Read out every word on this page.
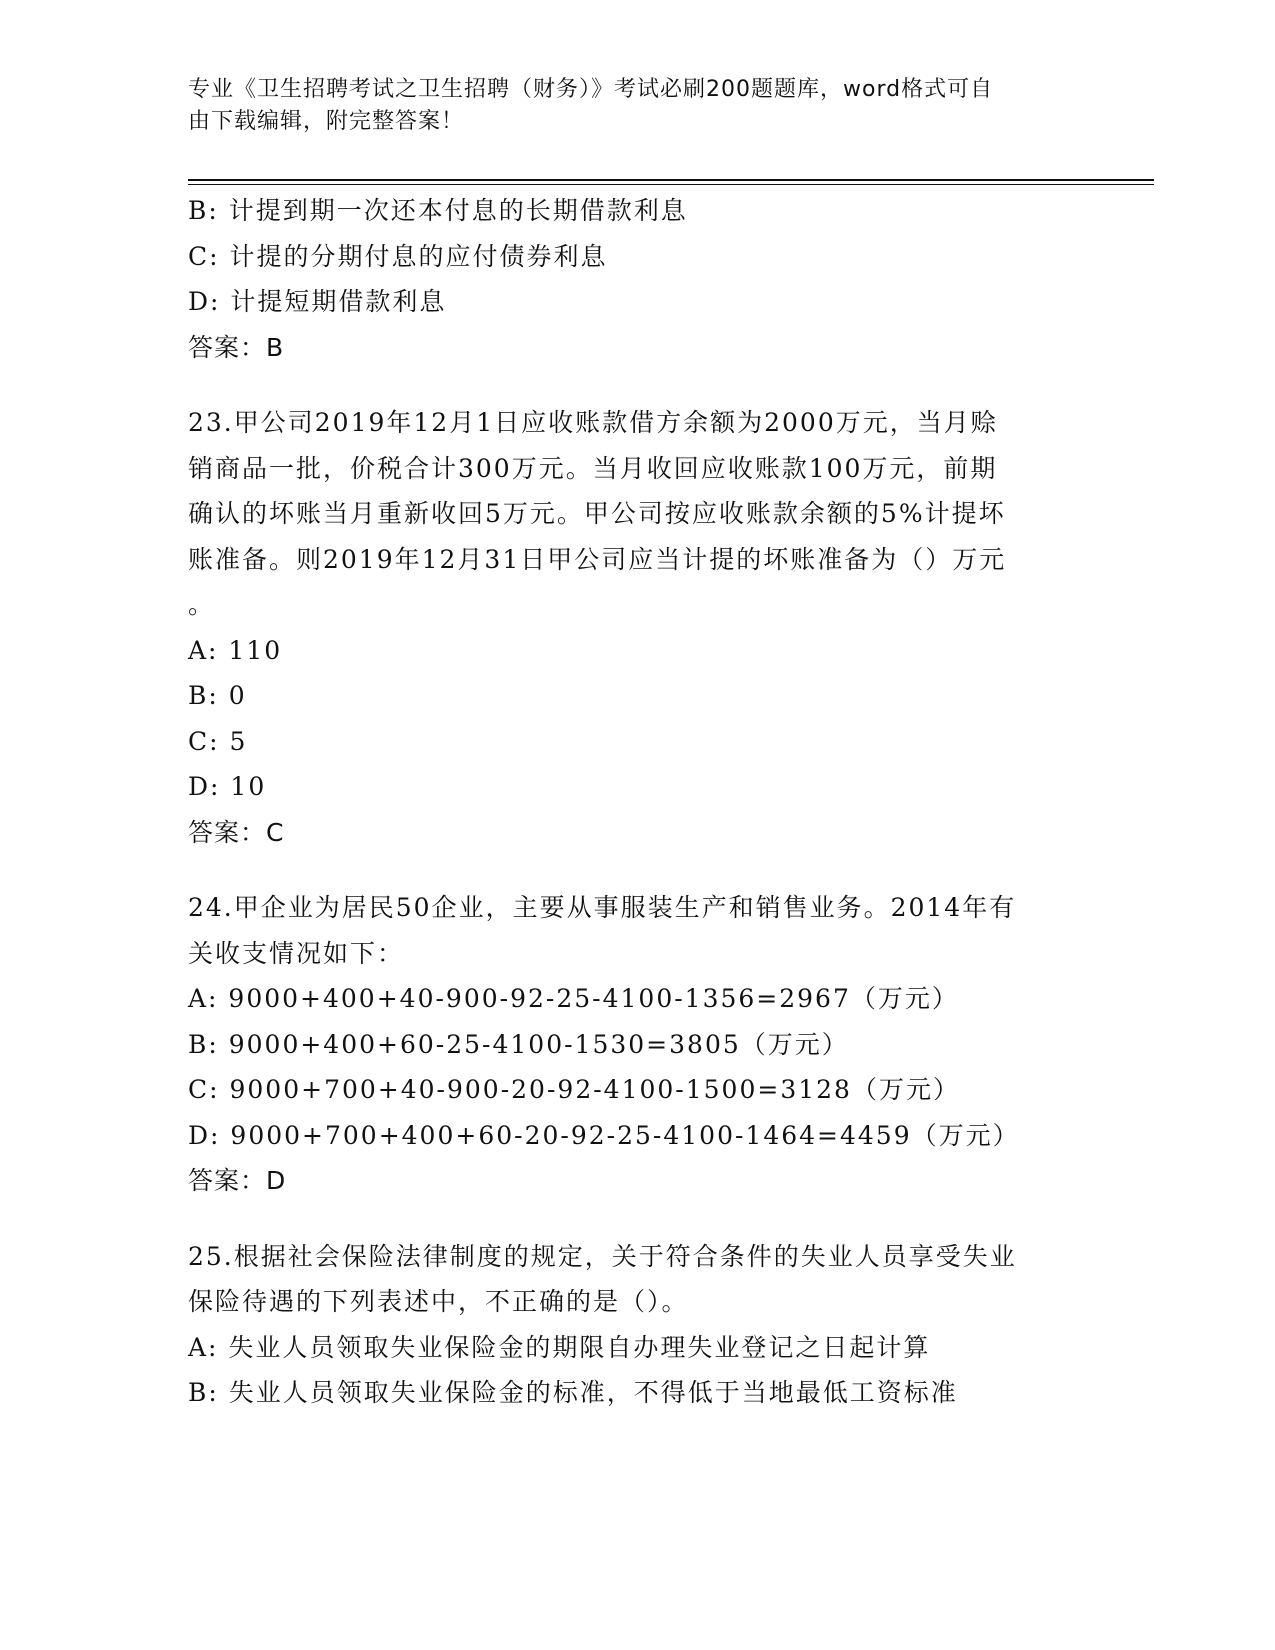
专业《卫生招聘考试之卫生招聘（财务）》考试必刷200题题库，word格式可自
由下载编辑，附完整答案！
B: 计提到期一次还本付息的长期借款利息
C: 计提的分期付息的应付债券利息
D: 计提短期借款利息
答案：B
23.甲公司2019年12月1日应收账款借方余额为2000万元，当月赊
销商品一批，价税合计300万元。当月收回应收账款100万元，前期
确认的坏账当月重新收回5万元。甲公司按应收账款余额的5%计提坏
账准备。则2019年12月31日甲公司应当计提的坏账准备为（）万元
。
A: 110
B: 0
C: 5
D: 10
答案：C
24.甲企业为居民50企业，主要从事服装生产和销售业务。2014年有
关收支情况如下：
A: 9000+400+40-900-92-25-4100-1356=2967（万元）
B: 9000+400+60-25-4100-1530=3805（万元）
C: 9000+700+40-900-20-92-4100-1500=3128（万元）
D: 9000+700+400+60-20-92-25-4100-1464=4459（万元）
答案：D
25.根据社会保险法律制度的规定，关于符合条件的失业人员享受失业
保险待遇的下列表述中，不正确的是（）。
A: 失业人员领取失业保险金的期限自办理失业登记之日起计算
B: 失业人员领取失业保险金的标准，不得低于当地最低工资标准
